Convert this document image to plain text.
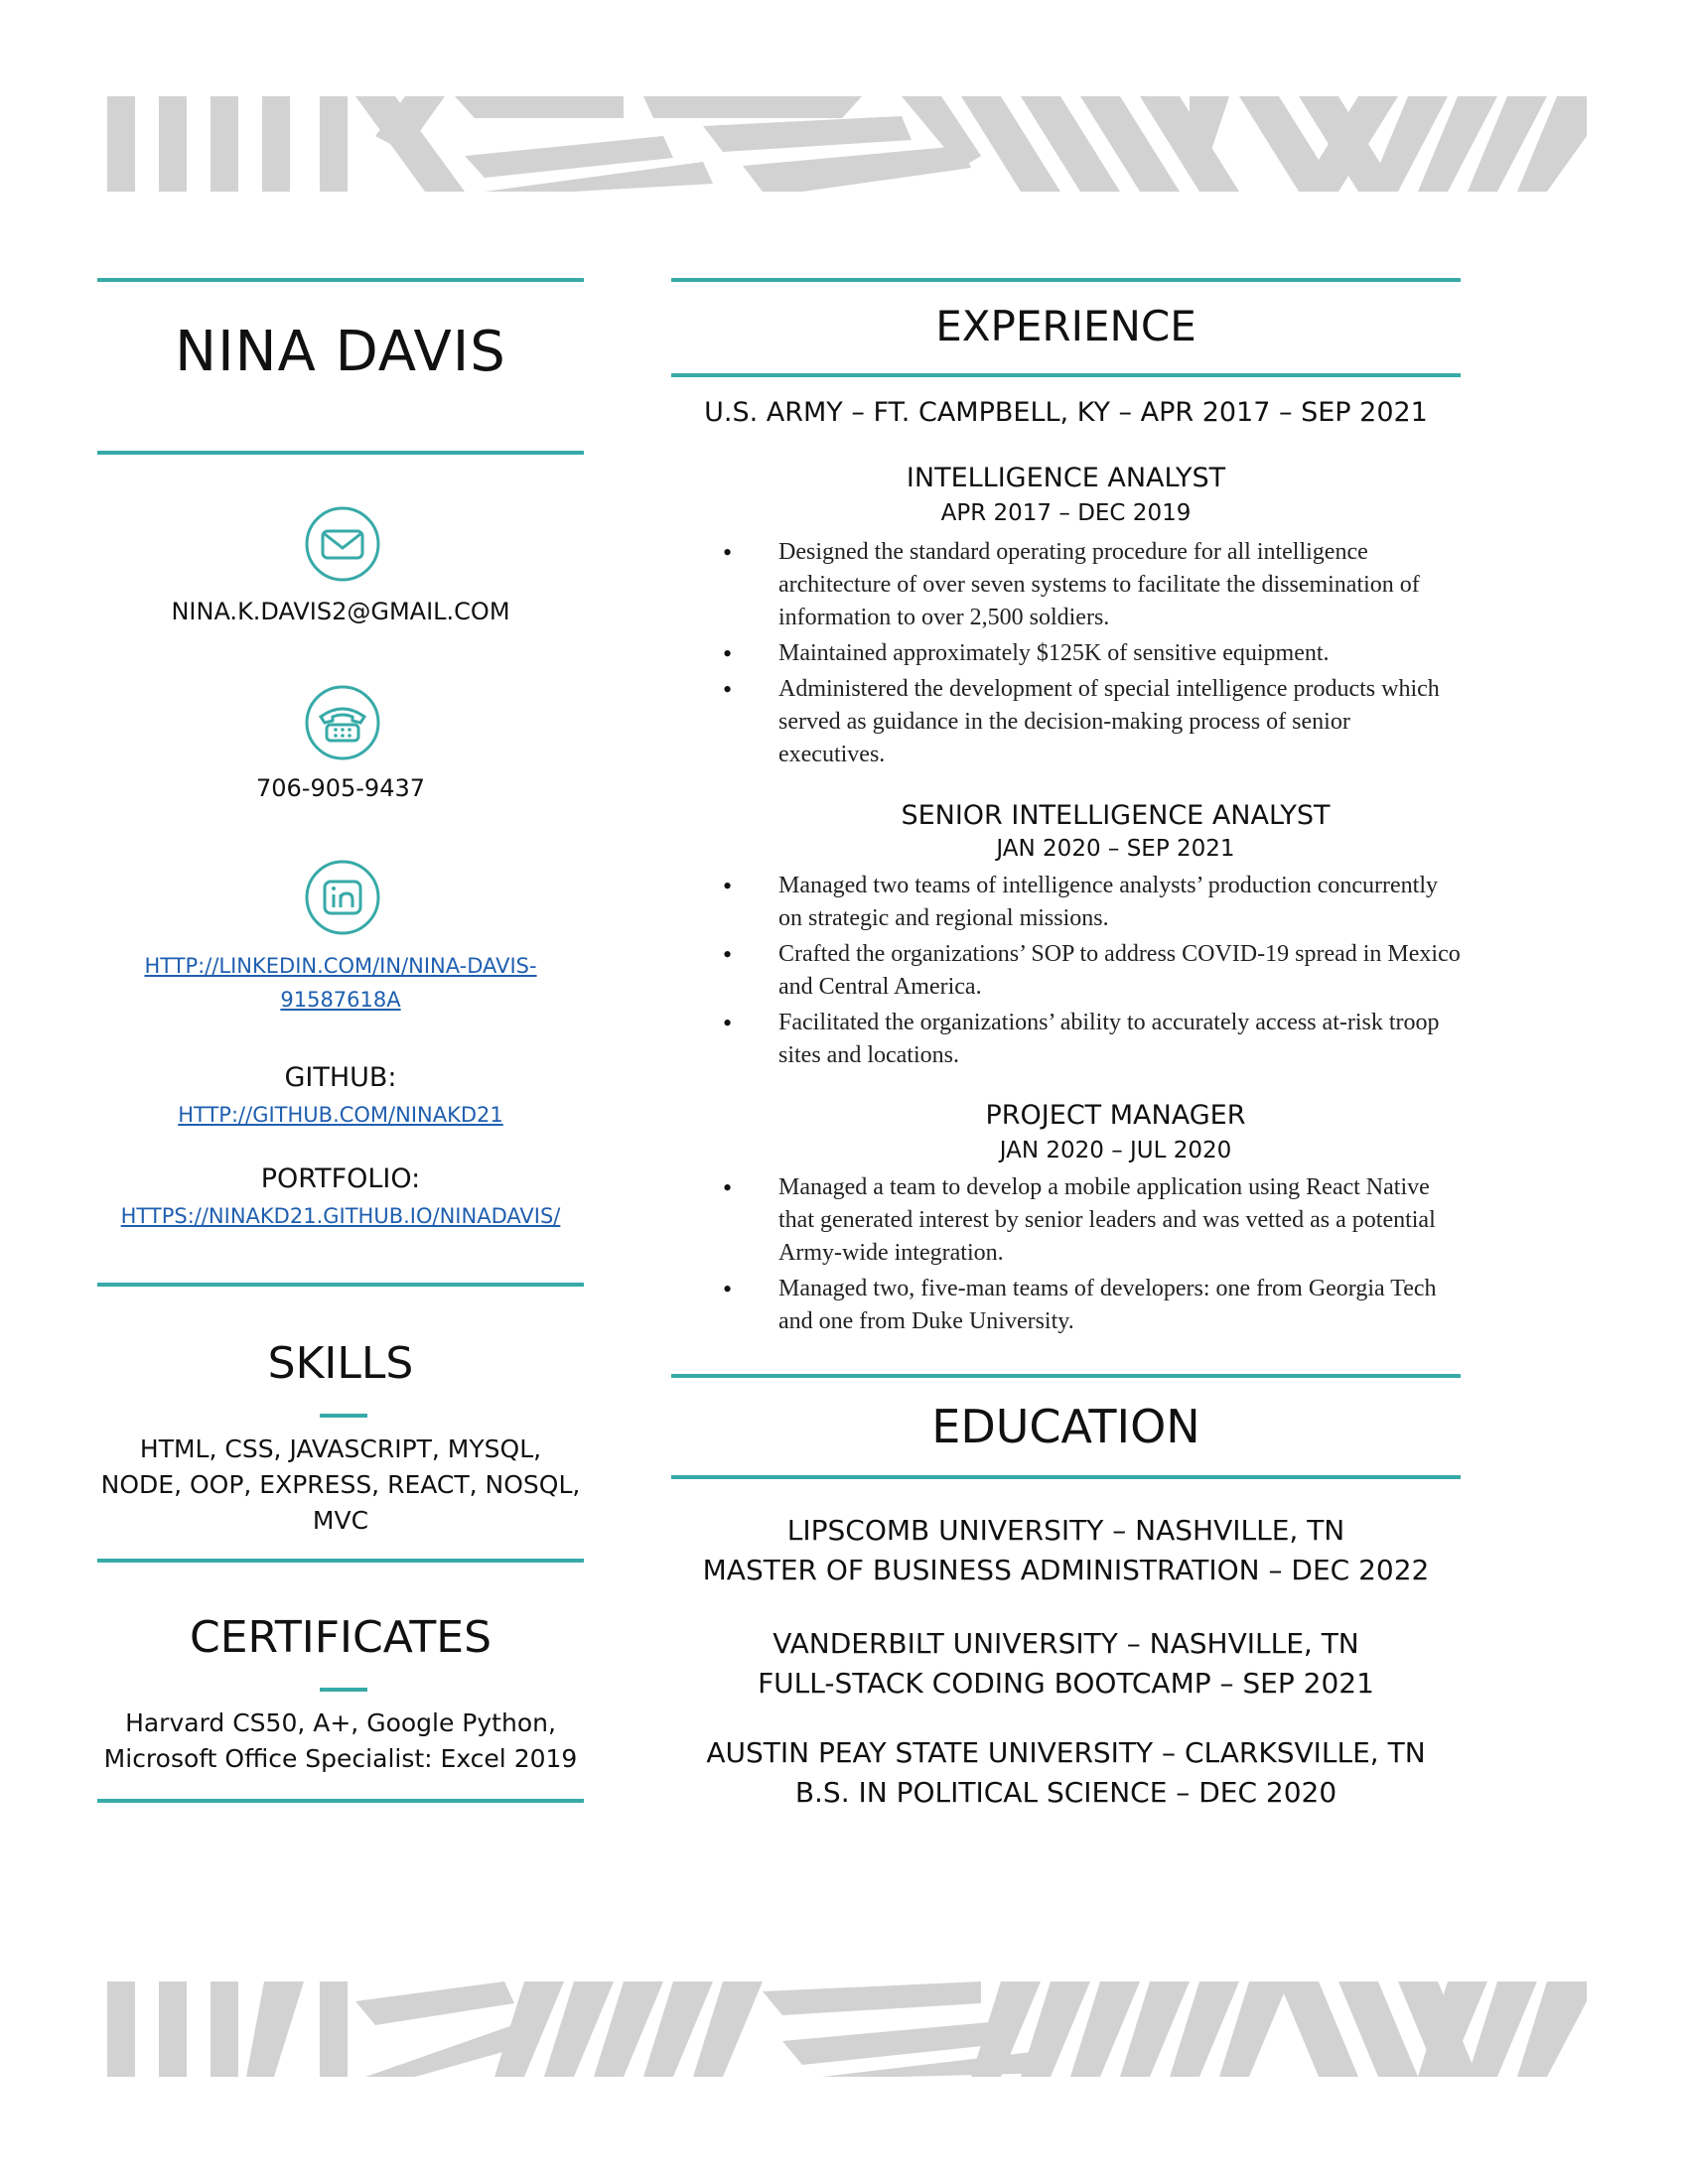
NINA DAVIS
NINA.K.DAVIS2@GMAIL.COM
706-905-9437
HTTP://LINKEDIN.COM/IN/NINA-DAVIS-
91587618A
GITHUB:
HTTP://GITHUB.COM/NINAKD21
PORTFOLIO:
HTTPS://NINAKD21.GITHUB.IO/NINADAVIS/
SKILLS
HTML, CSS, JAVASCRIPT, MYSQL,
NODE, OOP, EXPRESS, REACT, NOSQL,
MVC
CERTIFICATES
Harvard CS50, A+, Google Python,
Microsoft Office Specialist: Excel 2019
EXPERIENCE
U.S. ARMY – FT. CAMPBELL, KY – APR 2017 – SEP 2021
INTELLIGENCE ANALYST
APR 2017 – DEC 2019
• Designed the standard operating procedure for all intelligence architecture of over seven systems to facilitate the dissemination of information to over 2,500 soldiers.
• Maintained approximately $125K of sensitive equipment.
• Administered the development of special intelligence products which served as guidance in the decision-making process of senior executives.
SENIOR INTELLIGENCE ANALYST
JAN 2020 – SEP 2021
• Managed two teams of intelligence analysts’ production concurrently on strategic and regional missions.
• Crafted the organizations’ SOP to address COVID-19 spread in Mexico and Central America.
• Facilitated the organizations’ ability to accurately access at-risk troop sites and locations.
PROJECT MANAGER
JAN 2020 – JUL 2020
• Managed a team to develop a mobile application using React Native that generated interest by senior leaders and was vetted as a potential Army-wide integration.
• Managed two, five-man teams of developers: one from Georgia Tech and one from Duke University.
EDUCATION
LIPSCOMB UNIVERSITY – NASHVILLE, TN
MASTER OF BUSINESS ADMINISTRATION – DEC 2022
VANDERBILT UNIVERSITY – NASHVILLE, TN
FULL-STACK CODING BOOTCAMP – SEP 2021
AUSTIN PEAY STATE UNIVERSITY – CLARKSVILLE, TN
B.S. IN POLITICAL SCIENCE – DEC 2020
